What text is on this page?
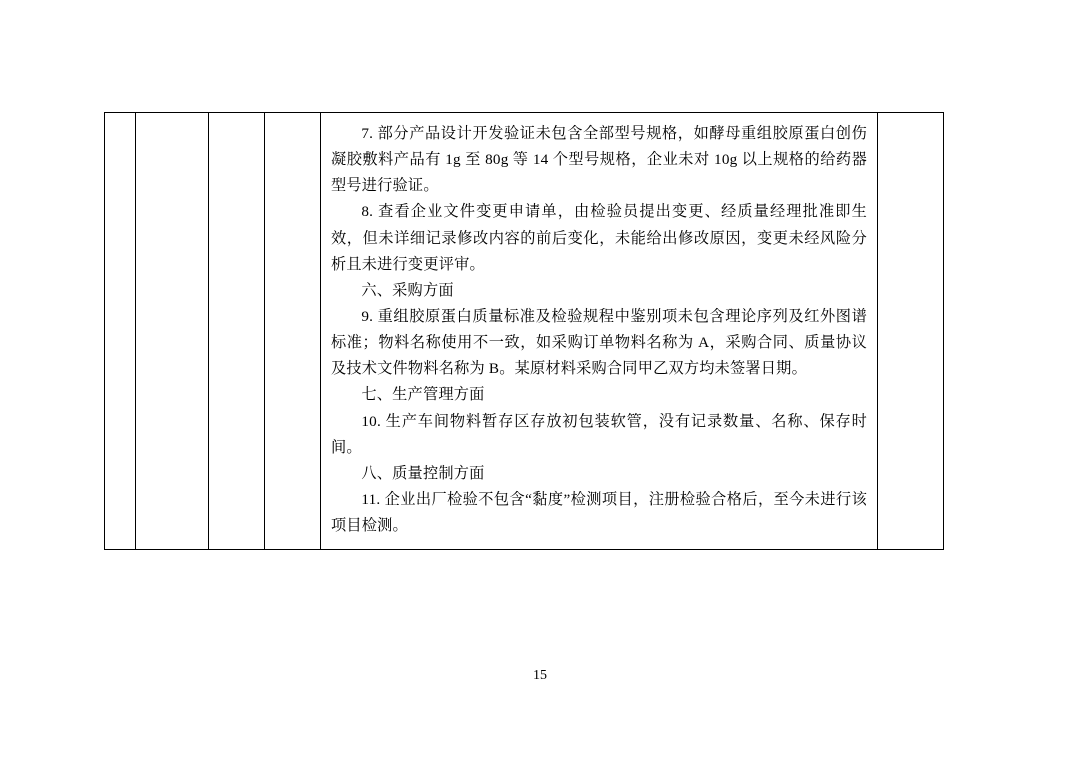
7. 部分产品设计开发验证未包含全部型号规格，如酵母重组胶原蛋白创伤凝胶敷料产品有 1g 至 80g 等 14 个型号规格，企业未对 10g 以上规格的给药器型号进行验证。

8. 查看企业文件变更申请单，由检验员提出变更、经质量经理批准即生效，但未详细记录修改内容的前后变化，未能给出修改原因，变更未经风险分析且未进行变更评审。

六、采购方面

9. 重组胶原蛋白质量标准及检验规程中鉴别项未包含理论序列及红外图谱标准；物料名称使用不一致，如采购订单物料名称为 A，采购合同、质量协议及技术文件物料名称为 B。某原材料采购合同甲乙双方均未签署日期。

七、生产管理方面

10. 生产车间物料暂存区存放初包装软管，没有记录数量、名称、保存时间。

八、质量控制方面

11. 企业出厂检验不包含“黏度”检测项目，注册检验合格后，至今未进行该项目检测。

15
